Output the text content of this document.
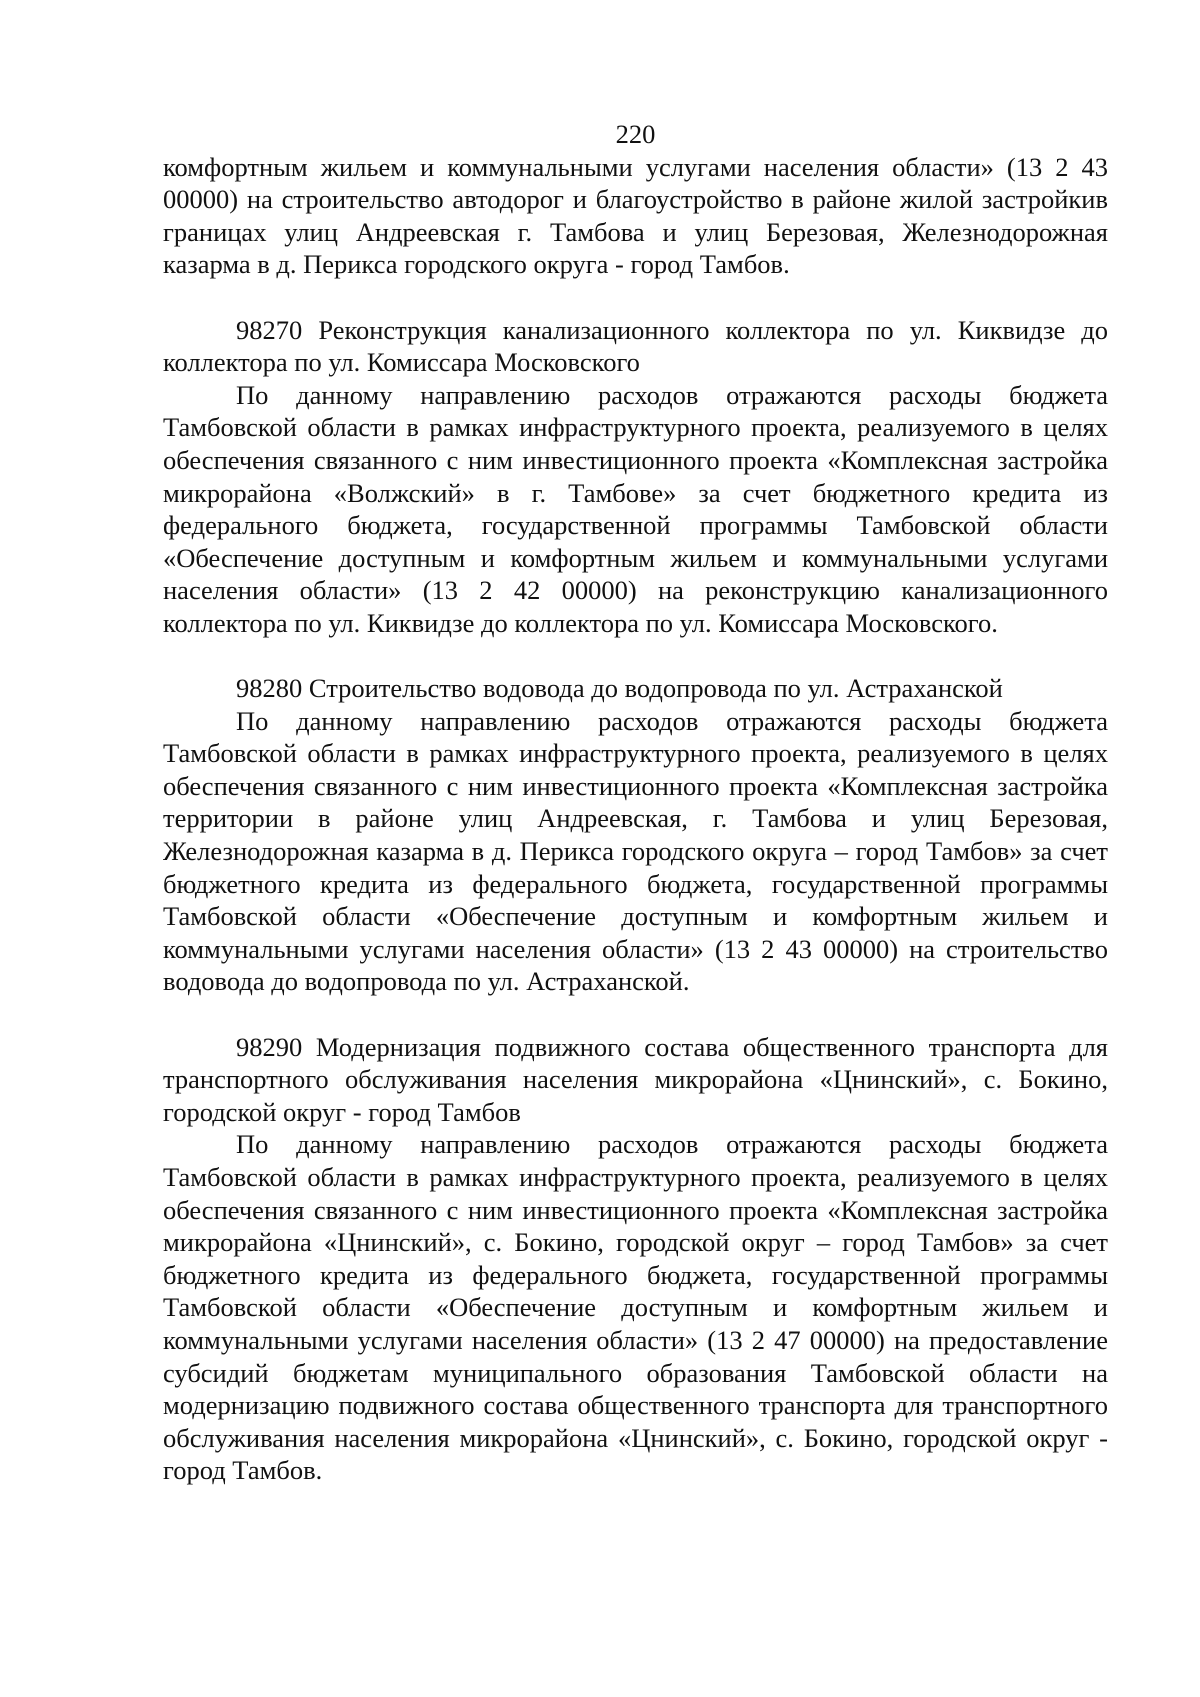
220

комфортным жильем и коммунальными услугами населения области» (13 2 43 00000) на строительство автодорог и благоустройство в районе жилой застройкив границах улиц Андреевская г. Тамбова и улиц Березовая, Железнодорожная казарма в д. Перикса городского округа - город Тамбов.

98270 Реконструкция канализационного коллектора по ул. Киквидзе до коллектора по ул. Комиссара Московского

По данному направлению расходов отражаются расходы бюджета Тамбовской области в рамках инфраструктурного проекта, реализуемого в целях обеспечения связанного с ним инвестиционного проекта «Комплексная застройка микрорайона «Волжский» в г. Тамбове» за счет бюджетного кредита из федерального бюджета, государственной программы Тамбовской области «Обеспечение доступным и комфортным жильем и коммунальными услугами населения области» (13 2 42 00000) на реконструкцию канализационного коллектора по ул. Киквидзе до коллектора по ул. Комиссара Московского.

98280 Строительство водовода до водопровода по ул. Астраханской

По данному направлению расходов отражаются расходы бюджета Тамбовской области в рамках инфраструктурного проекта, реализуемого в целях обеспечения связанного с ним инвестиционного проекта «Комплексная застройка территории в районе улиц Андреевская, г. Тамбова и улиц Березовая, Железнодорожная казарма в д. Перикса городского округа – город Тамбов» за счет бюджетного кредита из федерального бюджета, государственной программы Тамбовской области «Обеспечение доступным и комфортным жильем и коммунальными услугами населения области» (13 2 43 00000) на строительство водовода до водопровода по ул. Астраханской.

98290 Модернизация подвижного состава общественного транспорта для транспортного обслуживания населения микрорайона «Цнинский», с. Бокино, городской округ - город Тамбов

По данному направлению расходов отражаются расходы бюджета Тамбовской области в рамках инфраструктурного проекта, реализуемого в целях обеспечения связанного с ним инвестиционного проекта «Комплексная застройка микрорайона «Цнинский», с. Бокино, городской округ – город Тамбов» за счет бюджетного кредита из федерального бюджета, государственной программы Тамбовской области «Обеспечение доступным и комфортным жильем и коммунальными услугами населения области» (13 2 47 00000) на предоставление субсидий бюджетам муниципального образования Тамбовской области на модернизацию подвижного состава общественного транспорта для транспортного обслуживания населения микрорайона «Цнинский», с. Бокино, городской округ - город Тамбов.
